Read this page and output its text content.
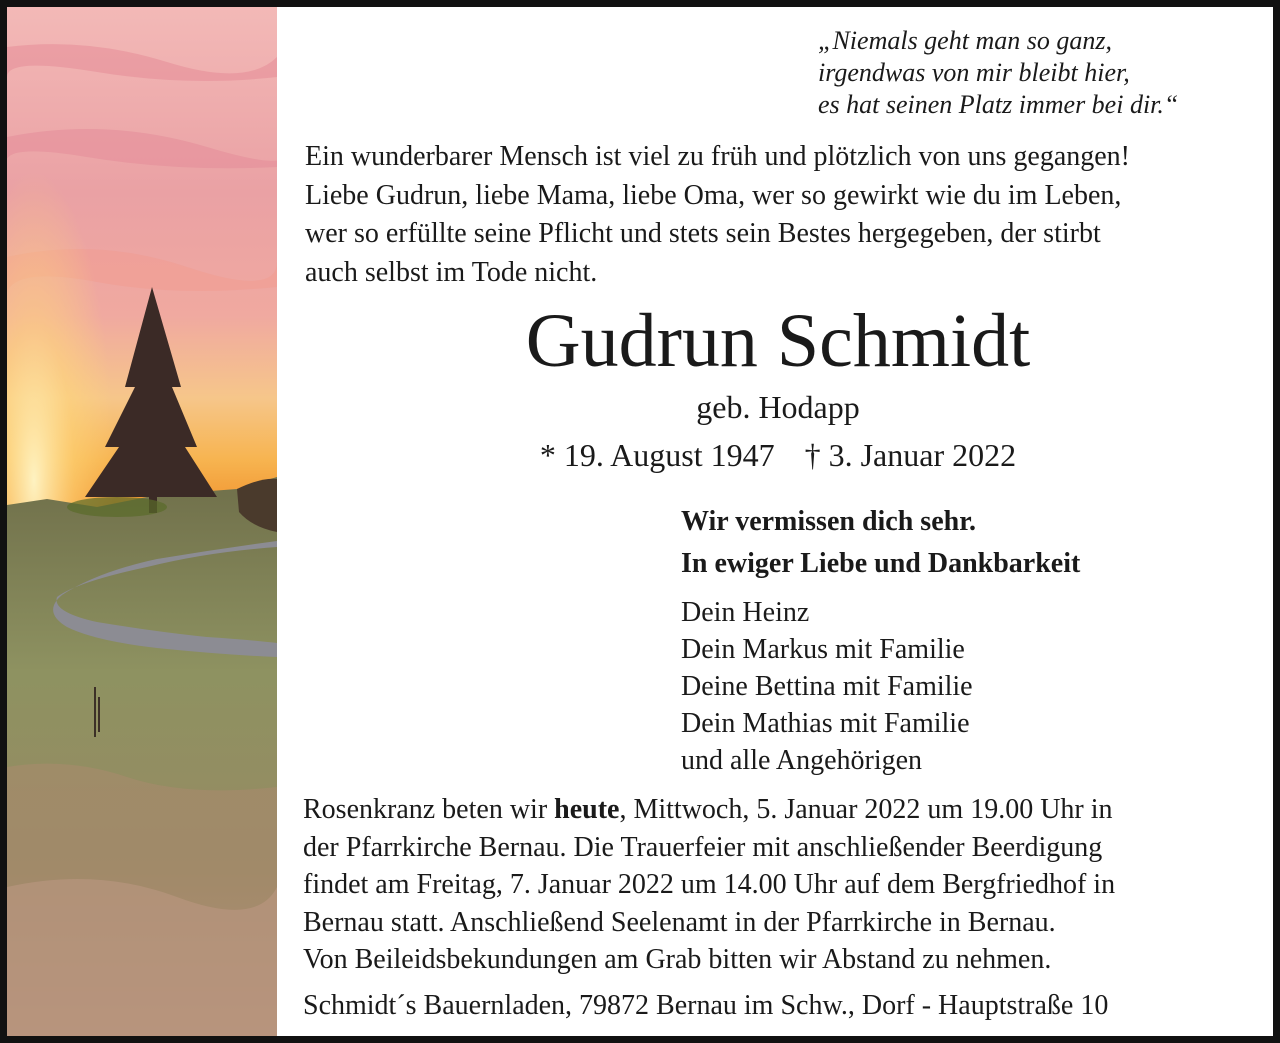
„Niemals geht man so ganz,
irgendwas von mir bleibt hier,
es hat seinen Platz immer bei dir.“
Ein wunderbarer Mensch ist viel zu früh und plötzlich von uns gegangen!
Liebe Gudrun, liebe Mama, liebe Oma, wer so gewirkt wie du im Leben,
wer so erfüllte seine Pflicht und stets sein Bestes hergegeben, der stirbt
auch selbst im Tode nicht.
Gudrun Schmidt
geb. Hodapp
* 19. August 1947 † 3. Januar 2022
Wir vermissen dich sehr.
In ewiger Liebe und Dankbarkeit
Dein Heinz
Dein Markus mit Familie
Deine Bettina mit Familie
Dein Mathias mit Familie
und alle Angehörigen
Rosenkranz beten wir heute, Mittwoch, 5. Januar 2022 um 19.00 Uhr in
der Pfarrkirche Bernau. Die Trauerfeier mit anschließender Beerdigung
findet am Freitag, 7. Januar 2022 um 14.00 Uhr auf dem Bergfriedhof in
Bernau statt. Anschließend Seelenamt in der Pfarrkirche in Bernau.
Von Beileidsbekundungen am Grab bitten wir Abstand zu nehmen.
Schmidt´s Bauernladen, 79872 Bernau im Schw., Dorf - Hauptstraße 10
